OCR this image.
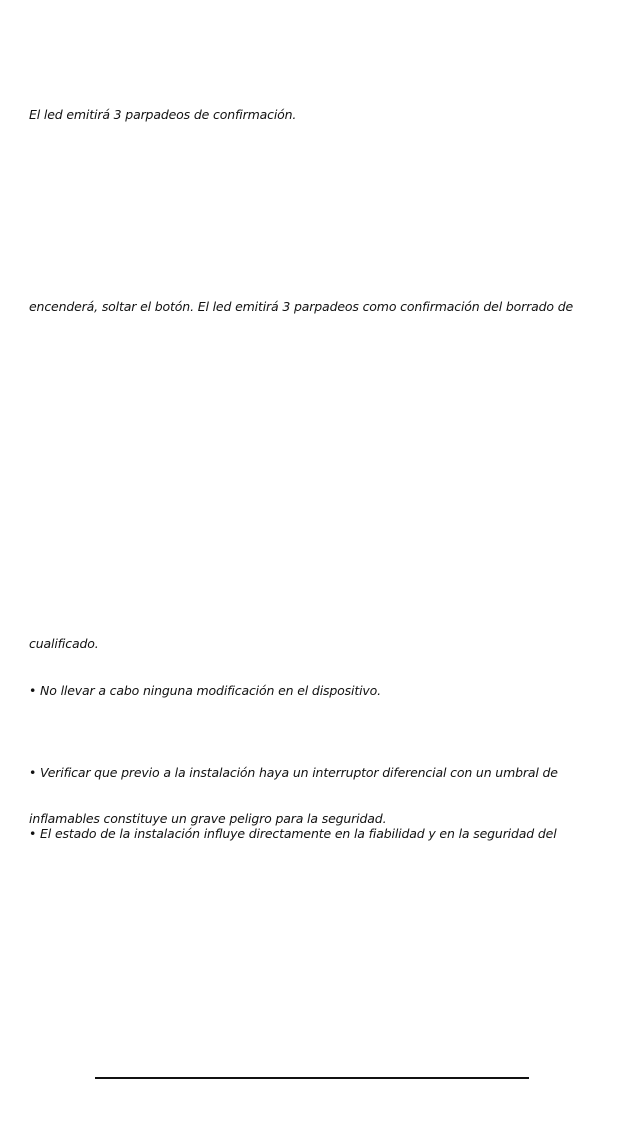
El led emitirá 3 parpadeos de confirmación.

encenderá, soltar el botón. El led emitirá 3 parpadeos como confirmación del borrado de

cualificado.

• No llevar a cabo ninguna modificación en el dispositivo.

• Verificar que previo a la instalación haya un interruptor diferencial con un umbral de

inflamables constituye un grave peligro para la seguridad.

• El estado de la instalación influye directamente en la fiabilidad y en la seguridad del
